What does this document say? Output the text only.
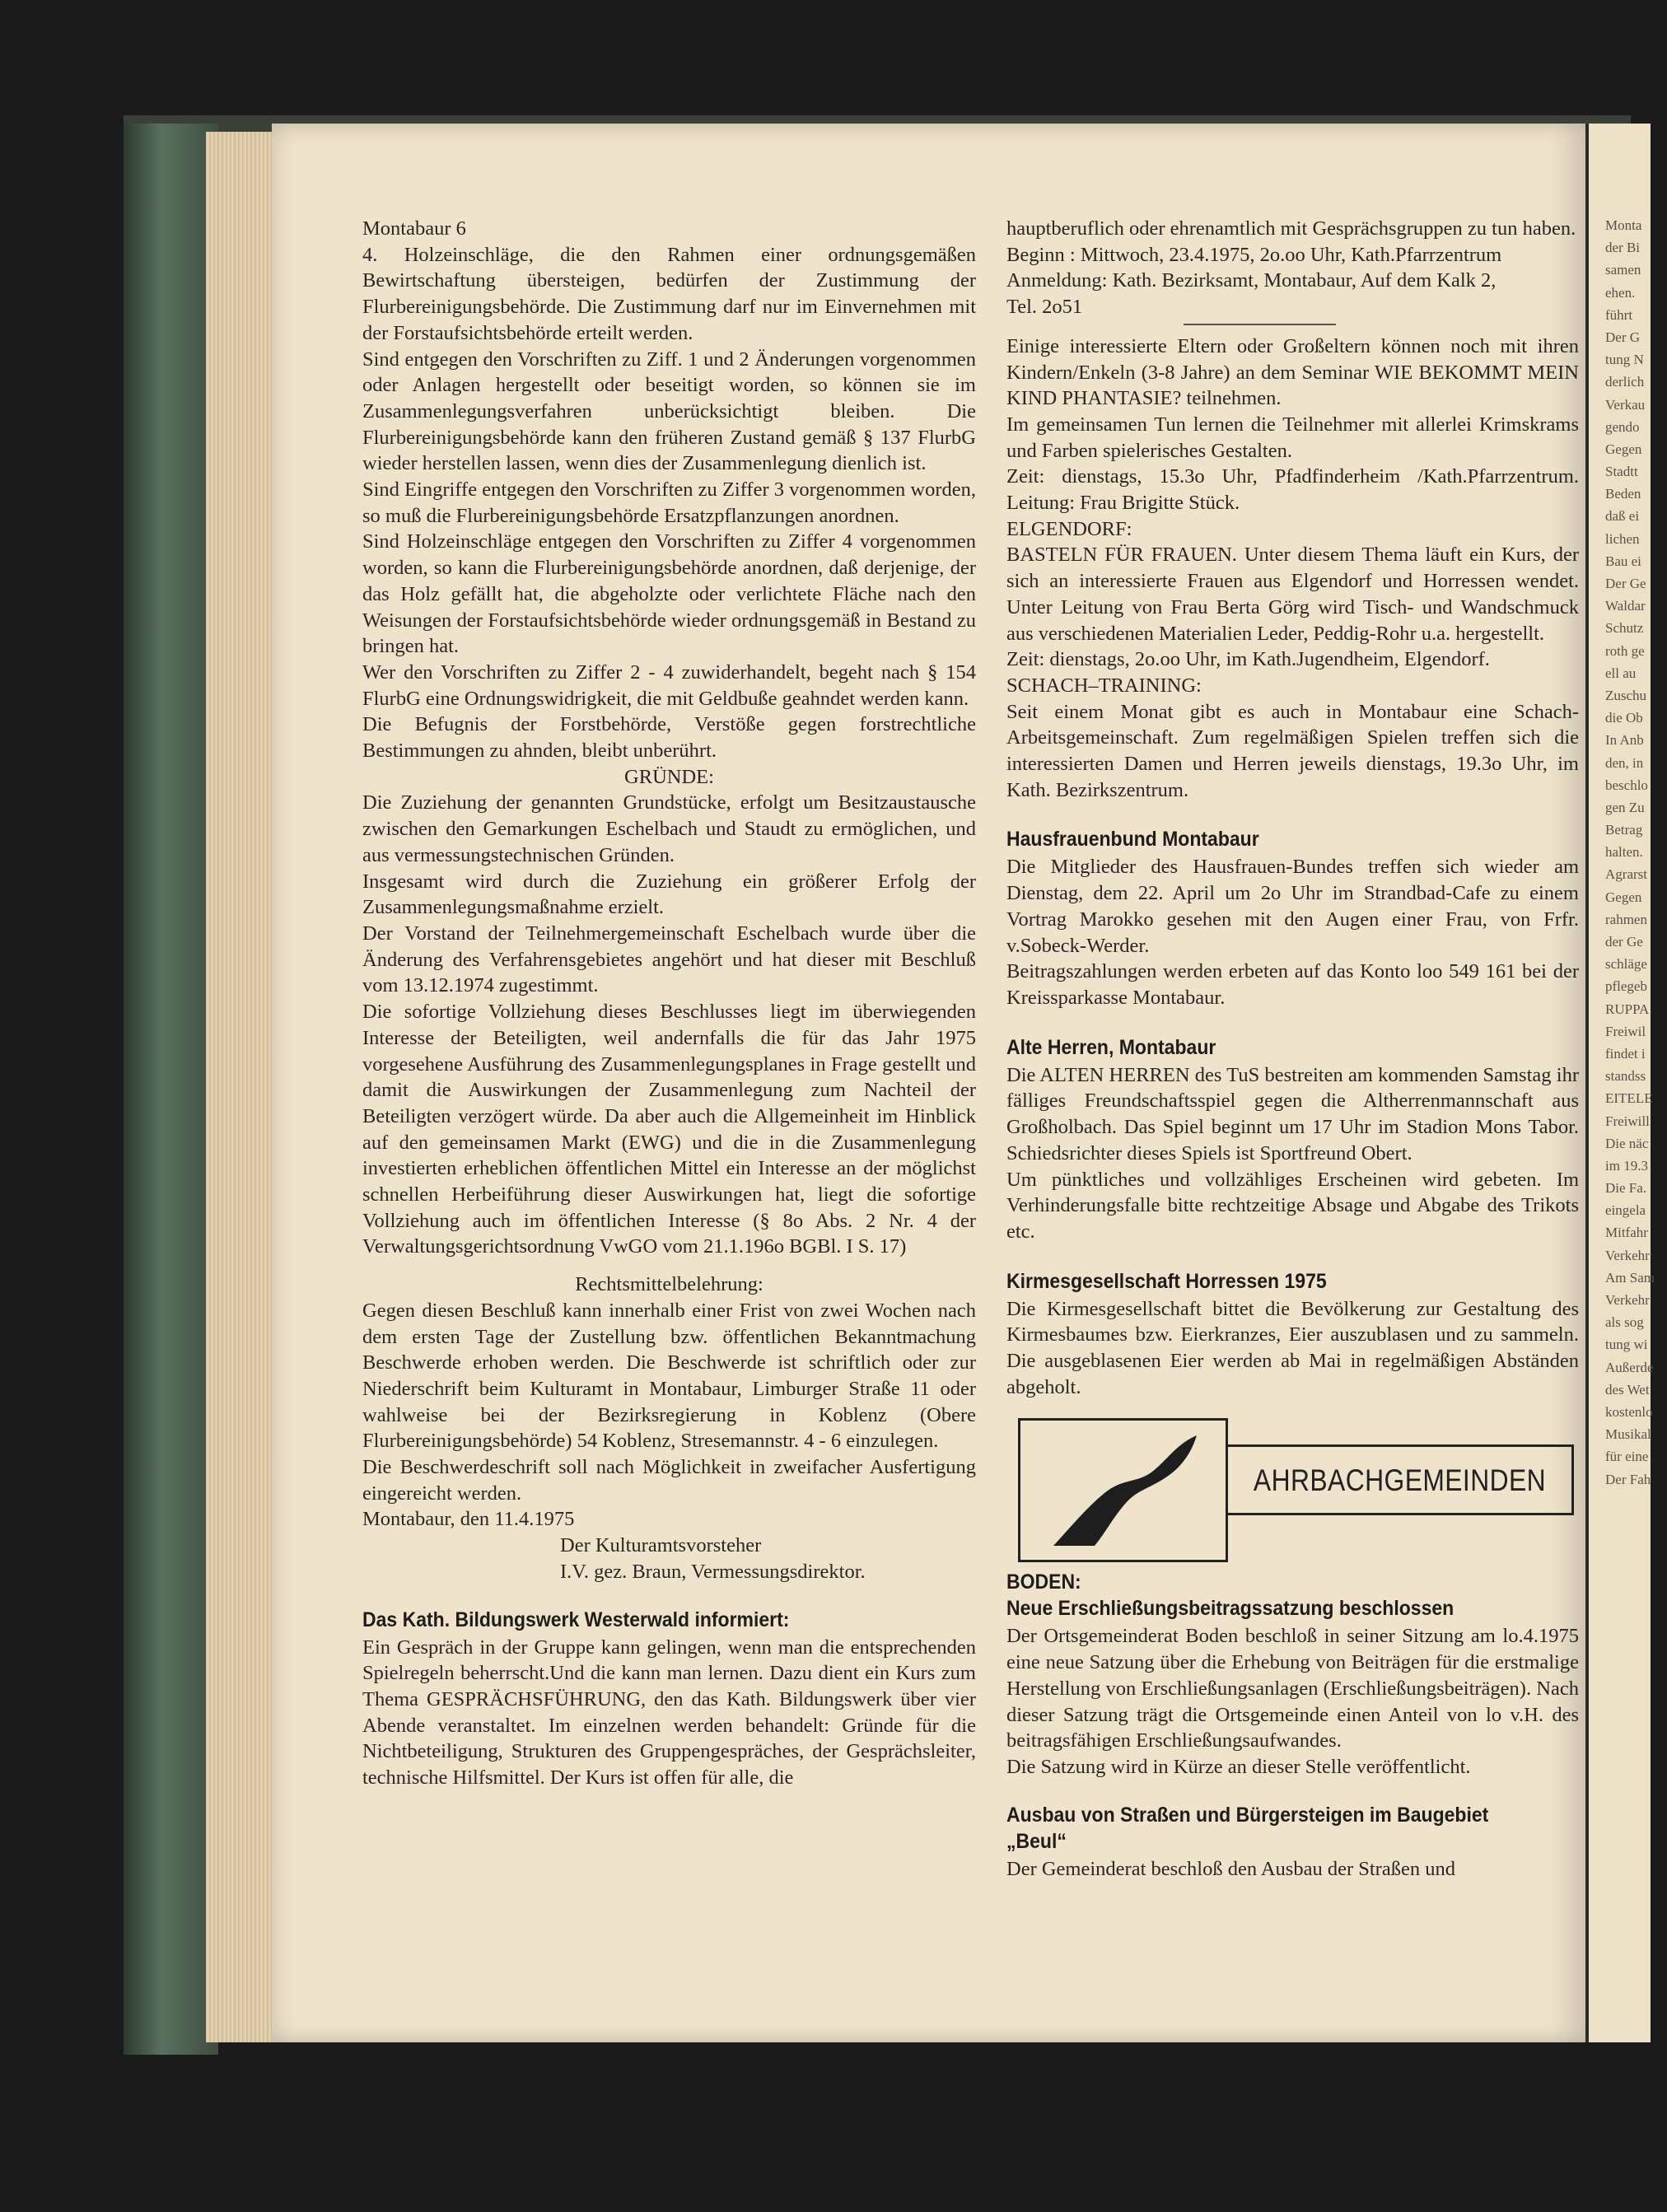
Monta
der Bi
samen
ehen.
führt
Der G
tung N
derlich
Verkau
gendo
Gegen
Stadtt
Beden
daß ei
lichen
Bau ei
Der Ge
Waldar
Schutz
roth ge
ell au
Zuschu
die Ob
In Anb
den, in
beschlo
gen Zu
Betrag
halten.
Agrarst
Gegen
rahmen
der Ge
schläge
pflegeb
RUPPA
Freiwil
findet i
standss
EITELE
Freiwill
Die näc
im 19.3
Die Fa.
eingela
Mitfahr
Verkehr
Am Sam
Verkehr
als sog
tung wi
Außerde
des Wet
kostenlo
Musikal
für eine
Der Fah

Montabaur 6

4. Holzeinschläge, die den Rahmen einer ordnungsgemäßen Bewirtschaftung übersteigen, bedürfen der Zustimmung der Flurbereinigungsbehörde. Die Zustimmung darf nur im Einvernehmen mit der Forstaufsichtsbehörde erteilt werden.

Sind entgegen den Vorschriften zu Ziff. 1 und 2 Änderungen vorgenommen oder Anlagen hergestellt oder beseitigt worden, so können sie im Zusammenlegungsverfahren unberücksichtigt bleiben. Die Flurbereinigungsbehörde kann den früheren Zustand gemäß § 137 FlurbG wieder herstellen lassen, wenn dies der Zusammenlegung dienlich ist.

Sind Eingriffe entgegen den Vorschriften zu Ziffer 3 vorgenommen worden, so muß die Flurbereinigungsbehörde Ersatzpflanzungen anordnen.

Sind Holzeinschläge entgegen den Vorschriften zu Ziffer 4 vorgenommen worden, so kann die Flurbereinigungsbehörde anordnen, daß derjenige, der das Holz gefällt hat, die abgeholzte oder verlichtete Fläche nach den Weisungen der Forstaufsichtsbehörde wieder ordnungsgemäß in Bestand zu bringen hat.

Wer den Vorschriften zu Ziffer 2 - 4 zuwiderhandelt, begeht nach § 154 FlurbG eine Ordnungswidrigkeit, die mit Geldbuße geahndet werden kann.

Die Befugnis der Forstbehörde, Verstöße gegen forstrechtliche Bestimmungen zu ahnden, bleibt unberührt.

GRÜNDE:

Die Zuziehung der genannten Grundstücke, erfolgt um Besitzaustausche zwischen den Gemarkungen Eschelbach und Staudt zu ermöglichen, und aus vermessungstechnischen Gründen.

Insgesamt wird durch die Zuziehung ein größerer Erfolg der Zusammenlegungsmaßnahme erzielt.

Der Vorstand der Teilnehmergemeinschaft Eschelbach wurde über die Änderung des Verfahrensgebietes angehört und hat dieser mit Beschluß vom 13.12.1974 zugestimmt.

Die sofortige Vollziehung dieses Beschlusses liegt im überwiegenden Interesse der Beteiligten, weil andernfalls die für das Jahr 1975 vorgesehene Ausführung des Zusammenlegungsplanes in Frage gestellt und damit die Auswirkungen der Zusammenlegung zum Nachteil der Beteiligten verzögert würde. Da aber auch die Allgemeinheit im Hinblick auf den gemeinsamen Markt (EWG) und die in die Zusammenlegung investierten erheblichen öffentlichen Mittel ein Interesse an der möglichst schnellen Herbeiführung dieser Auswirkungen hat, liegt die sofortige Vollziehung auch im öffentlichen Interesse (§ 8o Abs. 2 Nr. 4 der Verwaltungsgerichtsordnung VwGO vom 21.1.196o BGBl. I S. 17)

Rechtsmittelbelehrung:

Gegen diesen Beschluß kann innerhalb einer Frist von zwei Wochen nach dem ersten Tage der Zustellung bzw. öffentlichen Bekanntmachung Beschwerde erhoben werden. Die Beschwerde ist schriftlich oder zur Niederschrift beim Kulturamt in Montabaur, Limburger Straße 11 oder wahlweise bei der Bezirksregierung in Koblenz (Obere Flurbereinigungsbehörde) 54 Koblenz, Stresemannstr. 4 - 6 einzulegen.

Die Beschwerdeschrift soll nach Möglichkeit in zweifacher Ausfertigung eingereicht werden.

Montabaur, den 11.4.1975

Der Kulturamtsvorsteher

I.V. gez. Braun, Vermessungsdirektor.

Das Kath. Bildungswerk Westerwald informiert:

Ein Gespräch in der Gruppe kann gelingen, wenn man die entsprechenden Spielregeln beherrscht.Und die kann man lernen. Dazu dient ein Kurs zum Thema GESPRÄCHSFÜHRUNG, den das Kath. Bildungswerk über vier Abende veranstaltet. Im einzelnen werden behandelt: Gründe für die Nichtbeteiligung, Strukturen des Gruppengespräches, der Gesprächsleiter, technische Hilfsmittel. Der Kurs ist offen für alle, die

hauptberuflich oder ehrenamtlich mit Gesprächsgruppen zu tun haben.

Beginn : Mittwoch, 23.4.1975, 2o.oo Uhr, Kath.Pfarrzentrum

Anmeldung: Kath. Bezirksamt, Montabaur, Auf dem Kalk 2,

Tel. 2o51

Einige interessierte Eltern oder Großeltern können noch mit ihren Kindern/Enkeln (3-8 Jahre) an dem Seminar WIE BEKOMMT MEIN KIND PHANTASIE? teilnehmen.

Im gemeinsamen Tun lernen die Teilnehmer mit allerlei Krimskrams und Farben spielerisches Gestalten.

Zeit: dienstags, 15.3o Uhr, Pfadfinderheim /Kath.Pfarrzentrum. Leitung: Frau Brigitte Stück.

ELGENDORF:

BASTELN FÜR FRAUEN. Unter diesem Thema läuft ein Kurs, der sich an interessierte Frauen aus Elgendorf und Horressen wendet. Unter Leitung von Frau Berta Görg wird Tisch- und Wandschmuck aus verschiedenen Materialien Leder, Peddig-Rohr u.a. hergestellt.

Zeit: dienstags, 2o.oo Uhr, im Kath.Jugendheim, Elgendorf.

SCHACH–TRAINING:

Seit einem Monat gibt es auch in Montabaur eine Schach-Arbeitsgemeinschaft. Zum regelmäßigen Spielen treffen sich die interessierten Damen und Herren jeweils dienstags, 19.3o Uhr, im Kath. Bezirkszentrum.

Hausfrauenbund Montabaur

Die Mitglieder des Hausfrauen-Bundes treffen sich wieder am Dienstag, dem 22. April um 2o Uhr im Strandbad-Cafe zu einem Vortrag Marokko gesehen mit den Augen einer Frau, von Frfr. v.Sobeck-Werder.

Beitragszahlungen werden erbeten auf das Konto loo 549 161 bei der Kreissparkasse Montabaur.

Alte Herren, Montabaur

Die ALTEN HERREN des TuS bestreiten am kommenden Samstag ihr fälliges Freundschaftsspiel gegen die Altherrenmannschaft aus Großholbach. Das Spiel beginnt um 17 Uhr im Stadion Mons Tabor. Schiedsrichter dieses Spiels ist Sportfreund Obert.

Um pünktliches und vollzähliges Erscheinen wird gebeten. Im Verhinderungsfalle bitte rechtzeitige Absage und Abgabe des Trikots etc.

Kirmesgesellschaft Horressen 1975

Die Kirmesgesellschaft bittet die Bevölkerung zur Gestaltung des Kirmesbaumes bzw. Eierkranzes, Eier auszublasen und zu sammeln. Die ausgeblasenen Eier werden ab Mai in regelmäßigen Abständen abgeholt.

AHRBACHGEMEINDEN
BODEN:
Neue Erschließungsbeitragssatzung beschlossen

Der Ortsgemeinderat Boden beschloß in seiner Sitzung am lo.4.1975 eine neue Satzung über die Erhebung von Beiträgen für die erstmalige Herstellung von Erschließungsanlagen (Erschließungsbeiträgen). Nach dieser Satzung trägt die Ortsgemeinde einen Anteil von lo v.H. des beitragsfähigen Erschließungsaufwandes.

Die Satzung wird in Kürze an dieser Stelle veröffentlicht.

Ausbau von Straßen und Bürgersteigen im Baugebiet „Beul“

Der Gemeinderat beschloß den Ausbau der Straßen und
